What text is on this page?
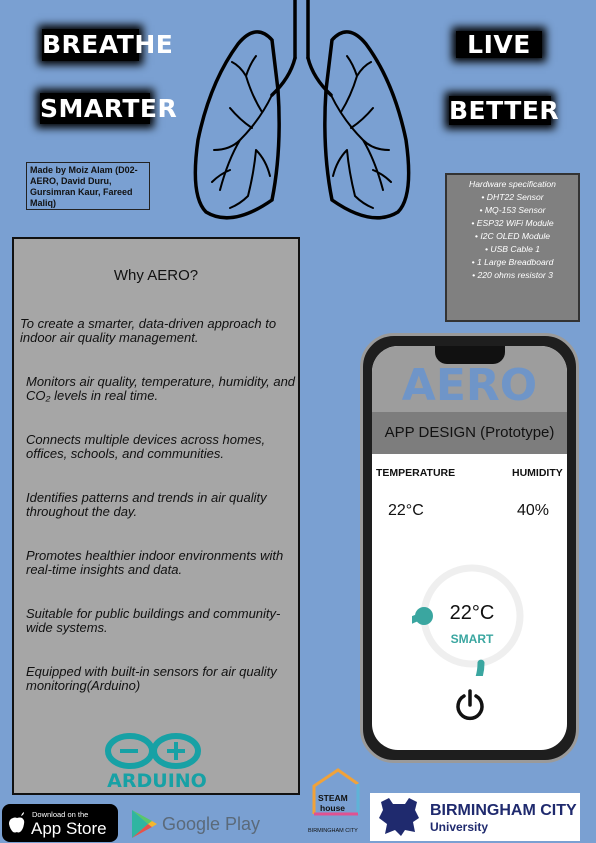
BREATHE
SMARTER
LIVE
BETTER
Made by Moiz Alam (D02-AERO, David Duru, Gursimran Kaur, Fareed Maliq)
Hardware specification
• DHT22 Sensor
• MQ-153 Sensor
• ESP32 WiFi Module
• I2C OLED Module
• USB Cable 1
• 1 Large Breadboard
• 220 ohms resistor 3
Why AERO?
To create a smarter, data-driven approach to indoor air quality management.
Monitors air quality, temperature, humidity, and CO₂ levels in real time.
Connects multiple devices across homes, offices, schools, and communities.
Identifies patterns and trends in air quality throughout the day.
Promotes healthier indoor environments with real-time insights and data.
Suitable for public buildings and community-wide systems.
Equipped with built-in sensors for air quality monitoring(Arduino)
ARDUINO
AERO
APP DESIGN (Prototype)
TEMPERATURE	HUMIDITY
22°C	40%
22°C
SMART
Download on the
App Store	Google Play
STEAM
house
BIRMINGHAM CITY
BIRMINGHAM CITY
University
